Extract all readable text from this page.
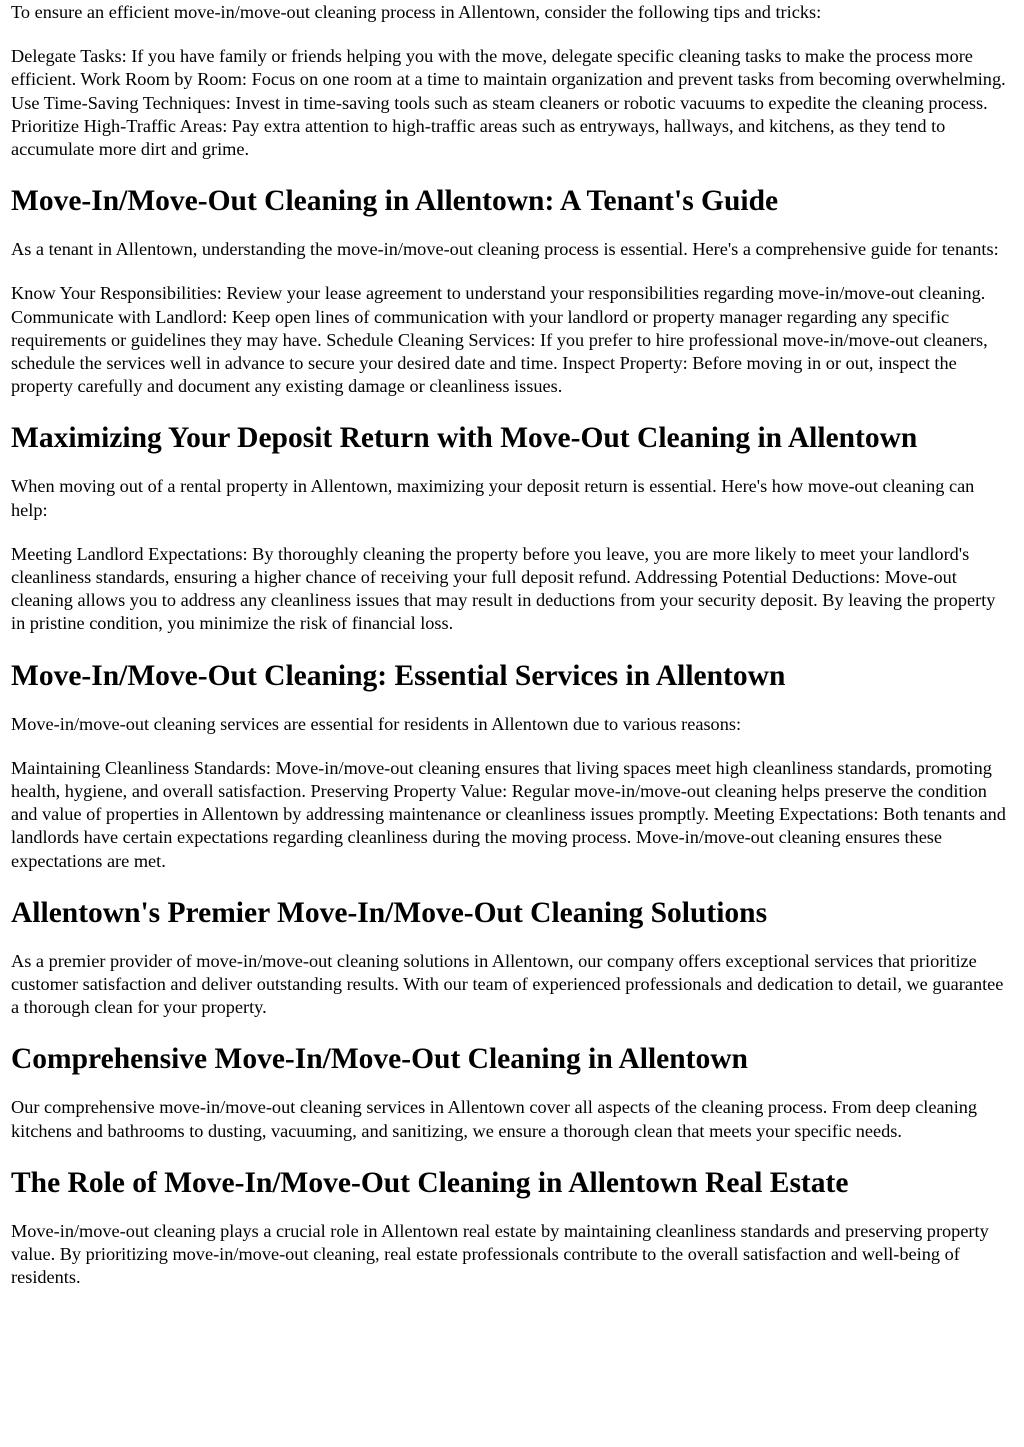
To ensure an efficient move-in/move-out cleaning process in Allentown, consider the following tips and tricks:

Delegate Tasks: If you have family or friends helping you with the move, delegate specific cleaning tasks to make the process more efficient. Work Room by Room: Focus on one room at a time to maintain organization and prevent tasks from becoming overwhelming. Use Time-Saving Techniques: Invest in time-saving tools such as steam cleaners or robotic vacuums to expedite the cleaning process. Prioritize High-Traffic Areas: Pay extra attention to high-traffic areas such as entryways, hallways, and kitchens, as they tend to accumulate more dirt and grime.

Move-In/Move-Out Cleaning in Allentown: A Tenant's Guide

As a tenant in Allentown, understanding the move-in/move-out cleaning process is essential. Here's a comprehensive guide for tenants:

Know Your Responsibilities: Review your lease agreement to understand your responsibilities regarding move-in/move-out cleaning. Communicate with Landlord: Keep open lines of communication with your landlord or property manager regarding any specific requirements or guidelines they may have. Schedule Cleaning Services: If you prefer to hire professional move-in/move-out cleaners, schedule the services well in advance to secure your desired date and time. Inspect Property: Before moving in or out, inspect the property carefully and document any existing damage or cleanliness issues.

Maximizing Your Deposit Return with Move-Out Cleaning in Allentown

When moving out of a rental property in Allentown, maximizing your deposit return is essential. Here's how move-out cleaning can help:

Meeting Landlord Expectations: By thoroughly cleaning the property before you leave, you are more likely to meet your landlord's cleanliness standards, ensuring a higher chance of receiving your full deposit refund. Addressing Potential Deductions: Move-out cleaning allows you to address any cleanliness issues that may result in deductions from your security deposit. By leaving the property in pristine condition, you minimize the risk of financial loss.

Move-In/Move-Out Cleaning: Essential Services in Allentown

Move-in/move-out cleaning services are essential for residents in Allentown due to various reasons:

Maintaining Cleanliness Standards: Move-in/move-out cleaning ensures that living spaces meet high cleanliness standards, promoting health, hygiene, and overall satisfaction. Preserving Property Value: Regular move-in/move-out cleaning helps preserve the condition and value of properties in Allentown by addressing maintenance or cleanliness issues promptly. Meeting Expectations: Both tenants and landlords have certain expectations regarding cleanliness during the moving process. Move-in/move-out cleaning ensures these expectations are met.

Allentown's Premier Move-In/Move-Out Cleaning Solutions

As a premier provider of move-in/move-out cleaning solutions in Allentown, our company offers exceptional services that prioritize customer satisfaction and deliver outstanding results. With our team of experienced professionals and dedication to detail, we guarantee a thorough clean for your property.

Comprehensive Move-In/Move-Out Cleaning in Allentown

Our comprehensive move-in/move-out cleaning services in Allentown cover all aspects of the cleaning process. From deep cleaning kitchens and bathrooms to dusting, vacuuming, and sanitizing, we ensure a thorough clean that meets your specific needs.

The Role of Move-In/Move-Out Cleaning in Allentown Real Estate

Move-in/move-out cleaning plays a crucial role in Allentown real estate by maintaining cleanliness standards and preserving property value. By prioritizing move-in/move-out cleaning, real estate professionals contribute to the overall satisfaction and well-being of residents.
